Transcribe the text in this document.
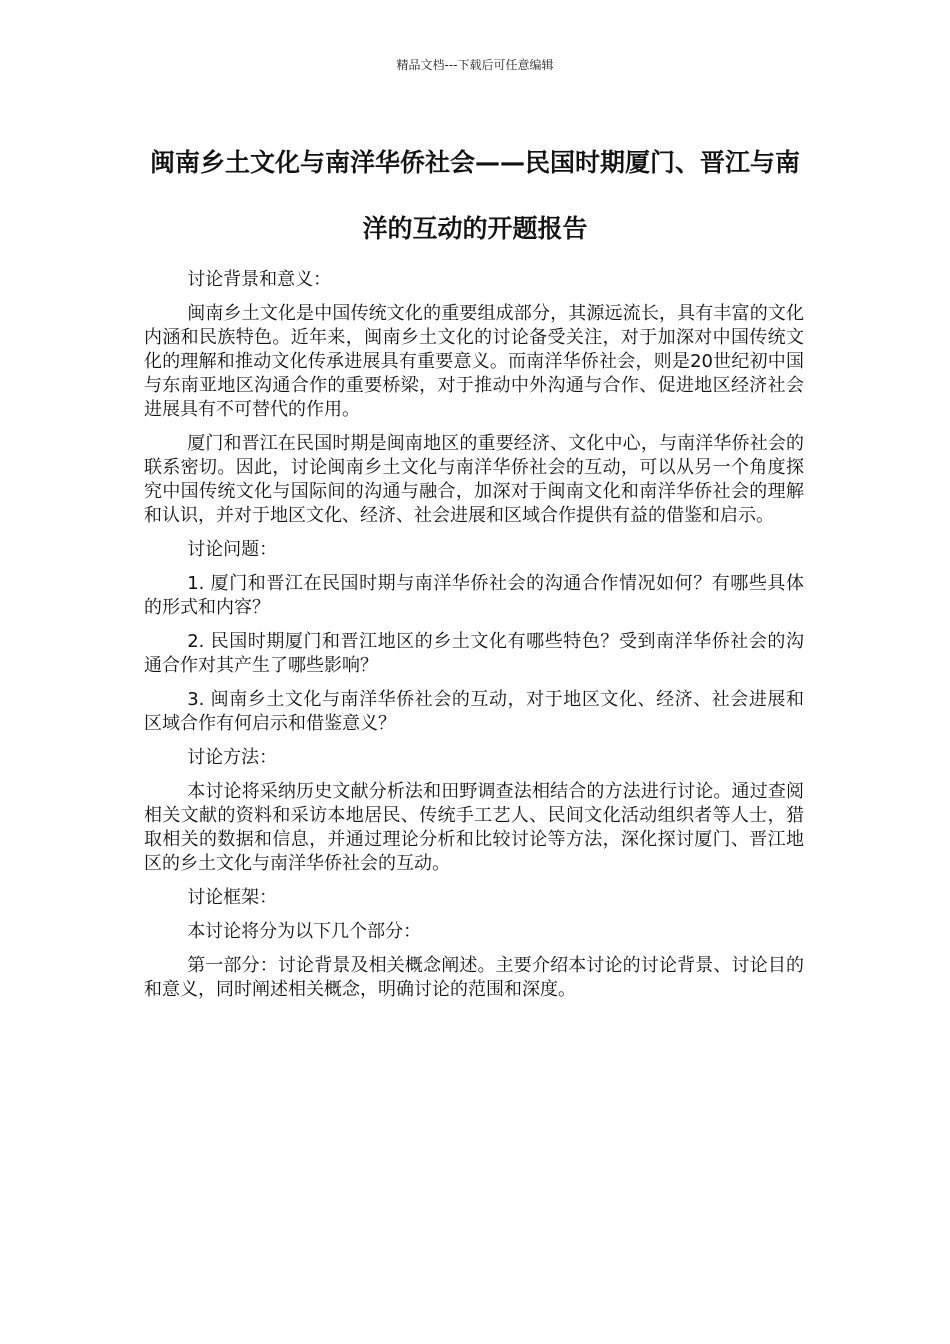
精品文档---下载后可任意编辑
闽南乡土文化与南洋华侨社会——民国时期厦门、晋江与南洋的互动的开题报告

讨论背景和意义：

闽南乡土文化是中国传统文化的重要组成部分，其源远流长，具有丰富的文化内涵和民族特色。近年来，闽南乡土文化的讨论备受关注，对于加深对中国传统文化的理解和推动文化传承进展具有重要意义。而南洋华侨社会，则是20世纪初中国与东南亚地区沟通合作的重要桥梁，对于推动中外沟通与合作、促进地区经济社会进展具有不可替代的作用。

厦门和晋江在民国时期是闽南地区的重要经济、文化中心，与南洋华侨社会的联系密切。因此，讨论闽南乡土文化与南洋华侨社会的互动，可以从另一个角度探究中国传统文化与国际间的沟通与融合，加深对于闽南文化和南洋华侨社会的理解和认识，并对于地区文化、经济、社会进展和区域合作提供有益的借鉴和启示。

讨论问题：

1. 厦门和晋江在民国时期与南洋华侨社会的沟通合作情况如何？有哪些具体的形式和内容？

2. 民国时期厦门和晋江地区的乡土文化有哪些特色？受到南洋华侨社会的沟通合作对其产生了哪些影响？

3. 闽南乡土文化与南洋华侨社会的互动，对于地区文化、经济、社会进展和区域合作有何启示和借鉴意义？

讨论方法：

本讨论将采纳历史文献分析法和田野调查法相结合的方法进行讨论。通过查阅相关文献的资料和采访本地居民、传统手工艺人、民间文化活动组织者等人士，猎取相关的数据和信息，并通过理论分析和比较讨论等方法，深化探讨厦门、晋江地区的乡土文化与南洋华侨社会的互动。

讨论框架：

本讨论将分为以下几个部分：

第一部分：讨论背景及相关概念阐述。主要介绍本讨论的讨论背景、讨论目的和意义，同时阐述相关概念，明确讨论的范围和深度。
